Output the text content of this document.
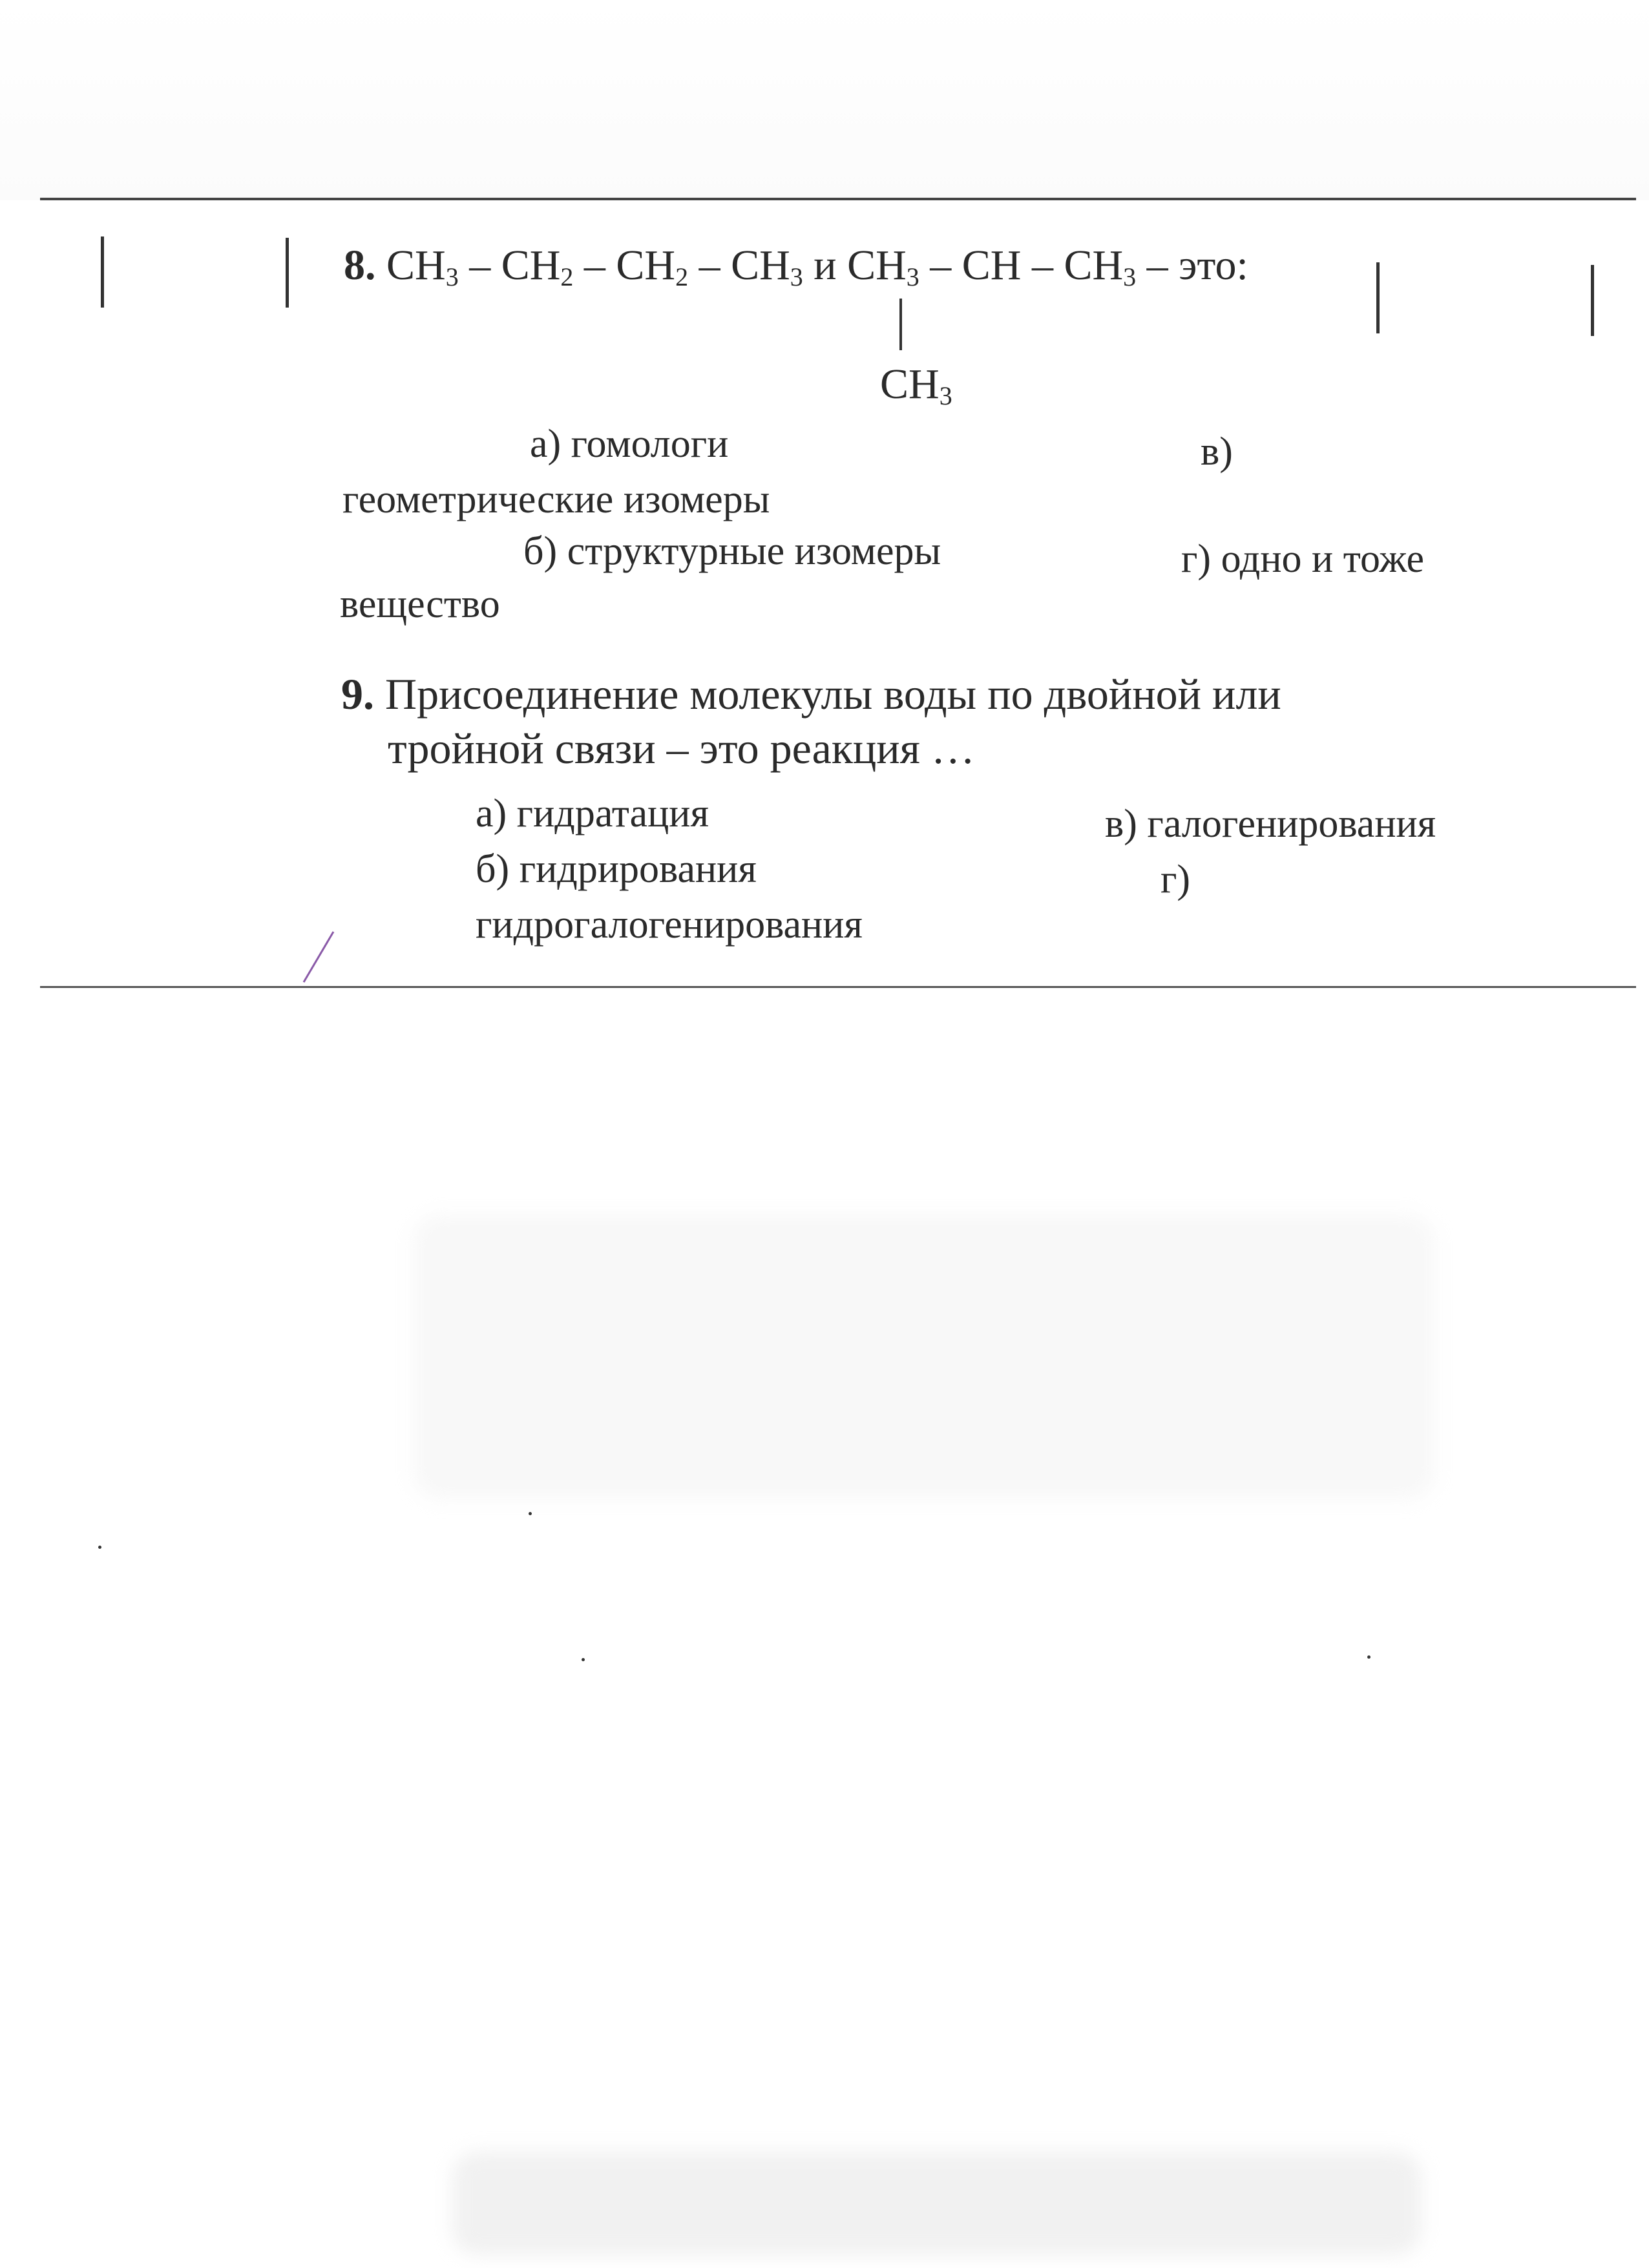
8. $CH_3 - CH_2 - CH_2 - CH_3$ и $CH_3$ – CH – $CH_3$ – это:
$CH_3$
а) гомологи	в)
геометрические изомеры
б) структурные изомеры	г) одно и тоже
вещество
9. Присоединение молекулы воды по двойной или
тройной связи – это реакция …
а) гидратация	в) галогенирования
б) гидрирования	г)
гидрогалогенирования
